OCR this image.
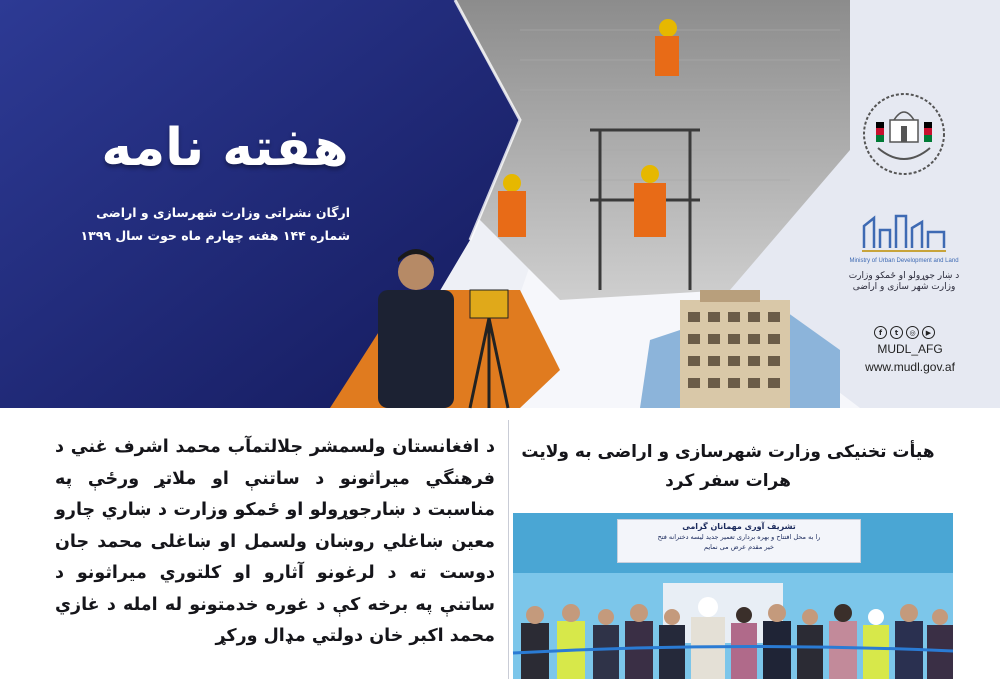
هفته نامه
ارگان نشراتی وزارت شهرسازی و اراضی
شماره ۱۴۴ هفته چهارم ماه حوت سال ۱۳۹۹
Ministry of Urban Development and Land
د ښار جوړولو او ځمکو وزارت
وزارت شهر سازی و اراضی
f	t	◎	▶
MUDL_AFG
www.mudl.gov.af
د افغانستان ولسمشر جلالتمآب محمد اشرف غني د فرهنگي میراثونو د ساتنې او ملاتړ ورځې په مناسبت د ښارجوړولو او ځمکو وزارت د ښاري چارو معین ښاغلي روښان ولسمل او ښاغلی محمد جان دوست ته د لرغونو آثارو او کلتوري میراثونو د ساتنې په برخه کې د غوره خدمتونو له امله د غازي محمد اکبر خان دولتي مډال ورکړ
هیأت تخنیکی وزارت شهرسازی و اراضی به ولایت هرات سفر کرد
تشریف آوری مهمانان گرامی
را به محل افتتاح و بهره برداری تعمیر جدید لیسه دخترانه فتح
خیر مقدم عرض می نمایم
